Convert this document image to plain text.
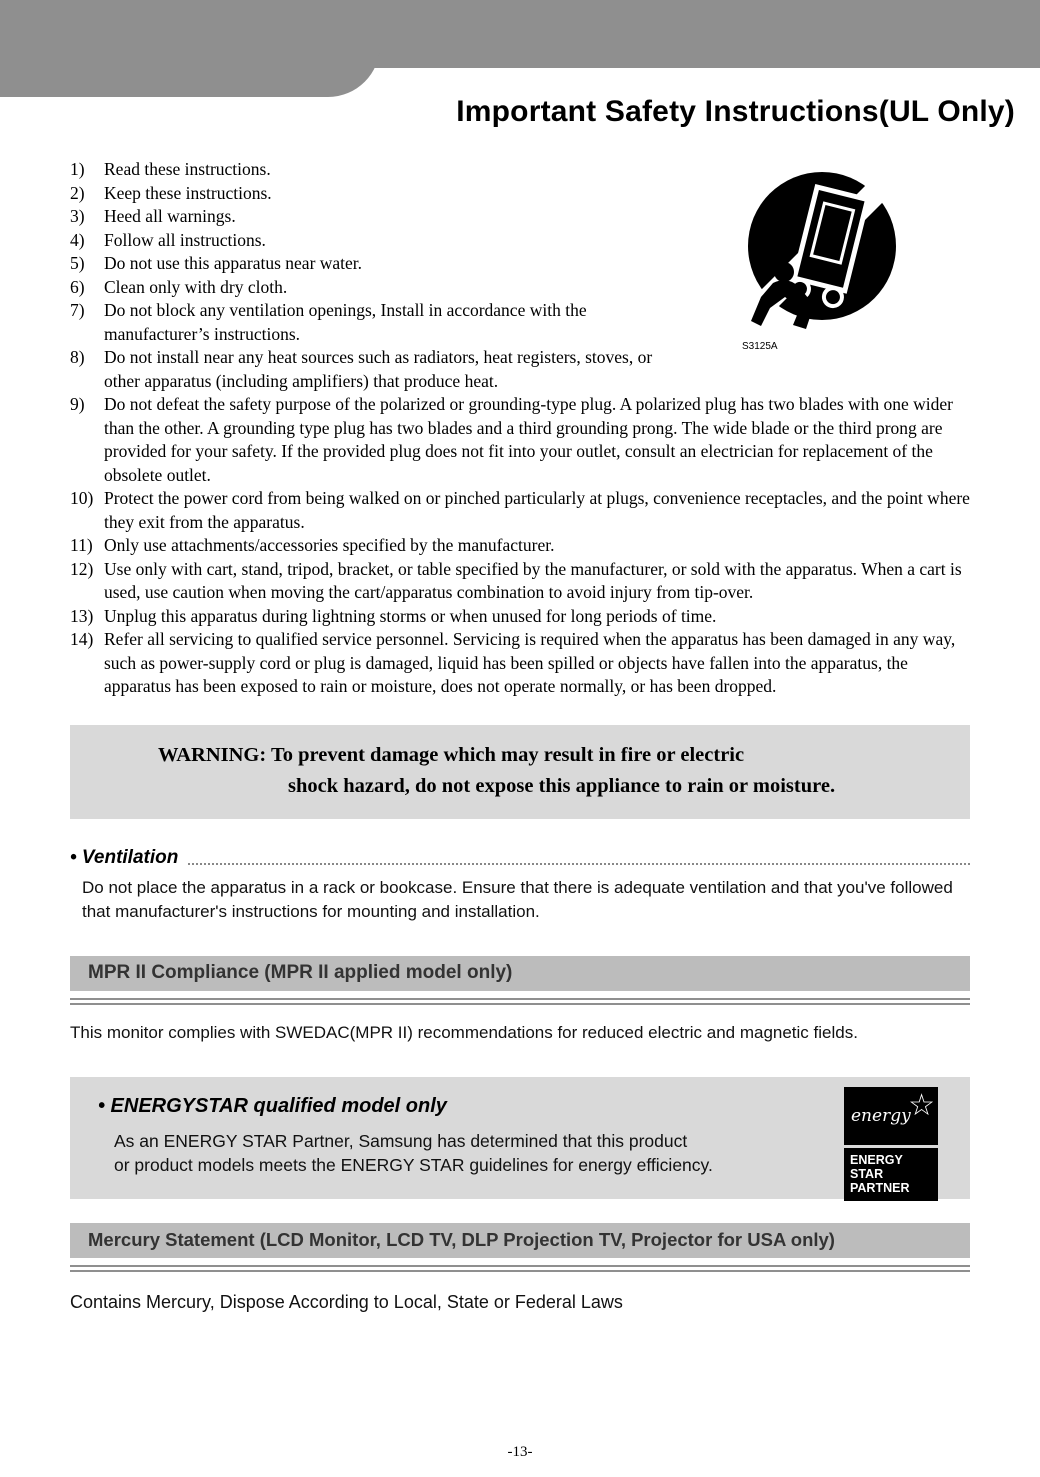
Important Safety Instructions(UL Only)
S3125A
1) Read these instructions.
2) Keep these instructions.
3) Heed all warnings.
4) Follow all instructions.
5) Do not use this apparatus near water.
6) Clean only with dry cloth.
7) Do not block any ventilation openings, Install in accordance with the manufacturer’s instructions.
8) Do not install near any heat sources such as radiators, heat registers, stoves, or other apparatus (including amplifiers) that produce heat.
9) Do not defeat the safety purpose of the polarized or grounding-type plug. A polarized plug has two blades with one wider than the other. A grounding type plug has two blades and a third grounding prong. The wide blade or the third prong are provided for your safety. If the provided plug does not fit into your outlet, consult an electrician for replacement of the obsolete outlet.
10) Protect the power cord from being walked on or pinched particularly at plugs, convenience receptacles, and the point where they exit from the apparatus.
11) Only use attachments/accessories specified by the manufacturer.
12) Use only with cart, stand, tripod, bracket, or table specified by the manufacturer, or sold with the apparatus. When a cart is used, use caution when moving the cart/apparatus combination to avoid injury from tip-over.
13) Unplug this apparatus during lightning storms or when unused for long periods of time.
14) Refer all servicing to qualified service personnel. Servicing is required when the apparatus has been damaged in any way, such as power-supply cord or plug is damaged, liquid has been spilled or objects have fallen into the apparatus, the apparatus has been exposed to rain or moisture, does not operate normally, or has been dropped.
WARNING: To prevent damage which may result in fire or electric
shock hazard, do not expose this appliance to rain or moisture.
• Ventilation
Do not place the apparatus in a rack or bookcase. Ensure that there is adequate ventilation and that you've followed that manufacturer's instructions for mounting and installation.
MPR II Compliance (MPR II applied model only)
This monitor complies with SWEDAC(MPR II) recommendations for reduced electric and magnetic fields.
• ENERGYSTAR qualified model only
As an ENERGY STAR Partner, Samsung has determined that this product
or product models meets the ENERGY STAR guidelines for energy efficiency.
energy
☆
ENERGY STAR
PARTNER
Mercury Statement (LCD Monitor, LCD TV, DLP Projection TV, Projector for USA only)
Contains Mercury, Dispose According to Local, State or Federal Laws
-13-
